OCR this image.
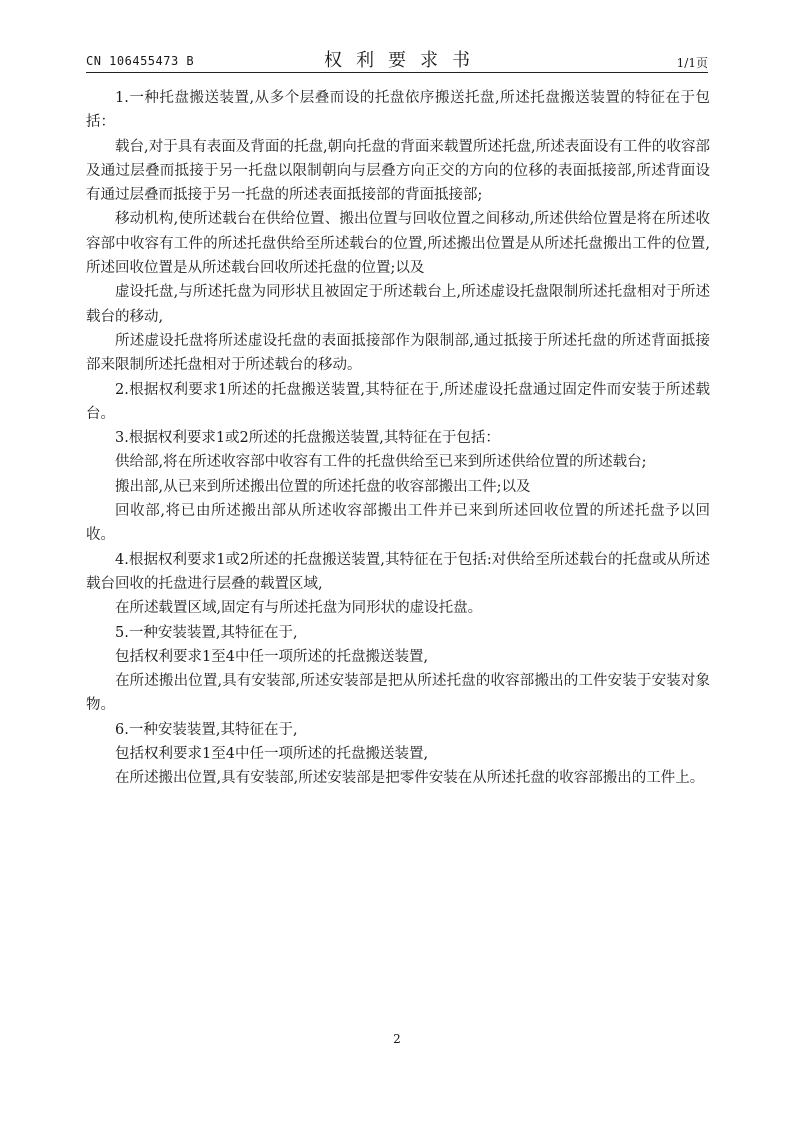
CN 106455473 B	权利要求书	1/1页

1.一种托盘搬送装置,从多个层叠而设的托盘依序搬送托盘,所述托盘搬送装置的特征在于包括：

载台,对于具有表面及背面的托盘,朝向托盘的背面来载置所述托盘,所述表面设有工件的收容部及通过层叠而抵接于另一托盘以限制朝向与层叠方向正交的方向的位移的表面抵接部,所述背面设有通过层叠而抵接于另一托盘的所述表面抵接部的背面抵接部;

移动机构,使所述载台在供给位置、搬出位置与回收位置之间移动,所述供给位置是将在所述收容部中收容有工件的所述托盘供给至所述载台的位置,所述搬出位置是从所述托盘搬出工件的位置,所述回收位置是从所述载台回收所述托盘的位置;以及

虚设托盘,与所述托盘为同形状且被固定于所述载台上,所述虚设托盘限制所述托盘相对于所述载台的移动,

所述虚设托盘将所述虚设托盘的表面抵接部作为限制部,通过抵接于所述托盘的所述背面抵接部来限制所述托盘相对于所述载台的移动。

2.根据权利要求1所述的托盘搬送装置,其特征在于,所述虚设托盘通过固定件而安装于所述载台。

3.根据权利要求1或2所述的托盘搬送装置,其特征在于包括：

供给部,将在所述收容部中收容有工件的托盘供给至已来到所述供给位置的所述载台;

搬出部,从已来到所述搬出位置的所述托盘的收容部搬出工件;以及

回收部,将已由所述搬出部从所述收容部搬出工件并已来到所述回收位置的所述托盘予以回收。

4.根据权利要求1或2所述的托盘搬送装置,其特征在于包括:对供给至所述载台的托盘或从所述载台回收的托盘进行层叠的载置区域,

在所述载置区域,固定有与所述托盘为同形状的虚设托盘。

5.一种安装装置,其特征在于,

包括权利要求1至4中任一项所述的托盘搬送装置,

在所述搬出位置,具有安装部,所述安装部是把从所述托盘的收容部搬出的工件安装于安装对象物。

6.一种安装装置,其特征在于,

包括权利要求1至4中任一项所述的托盘搬送装置,

在所述搬出位置,具有安装部,所述安装部是把零件安装在从所述托盘的收容部搬出的工件上。

2
